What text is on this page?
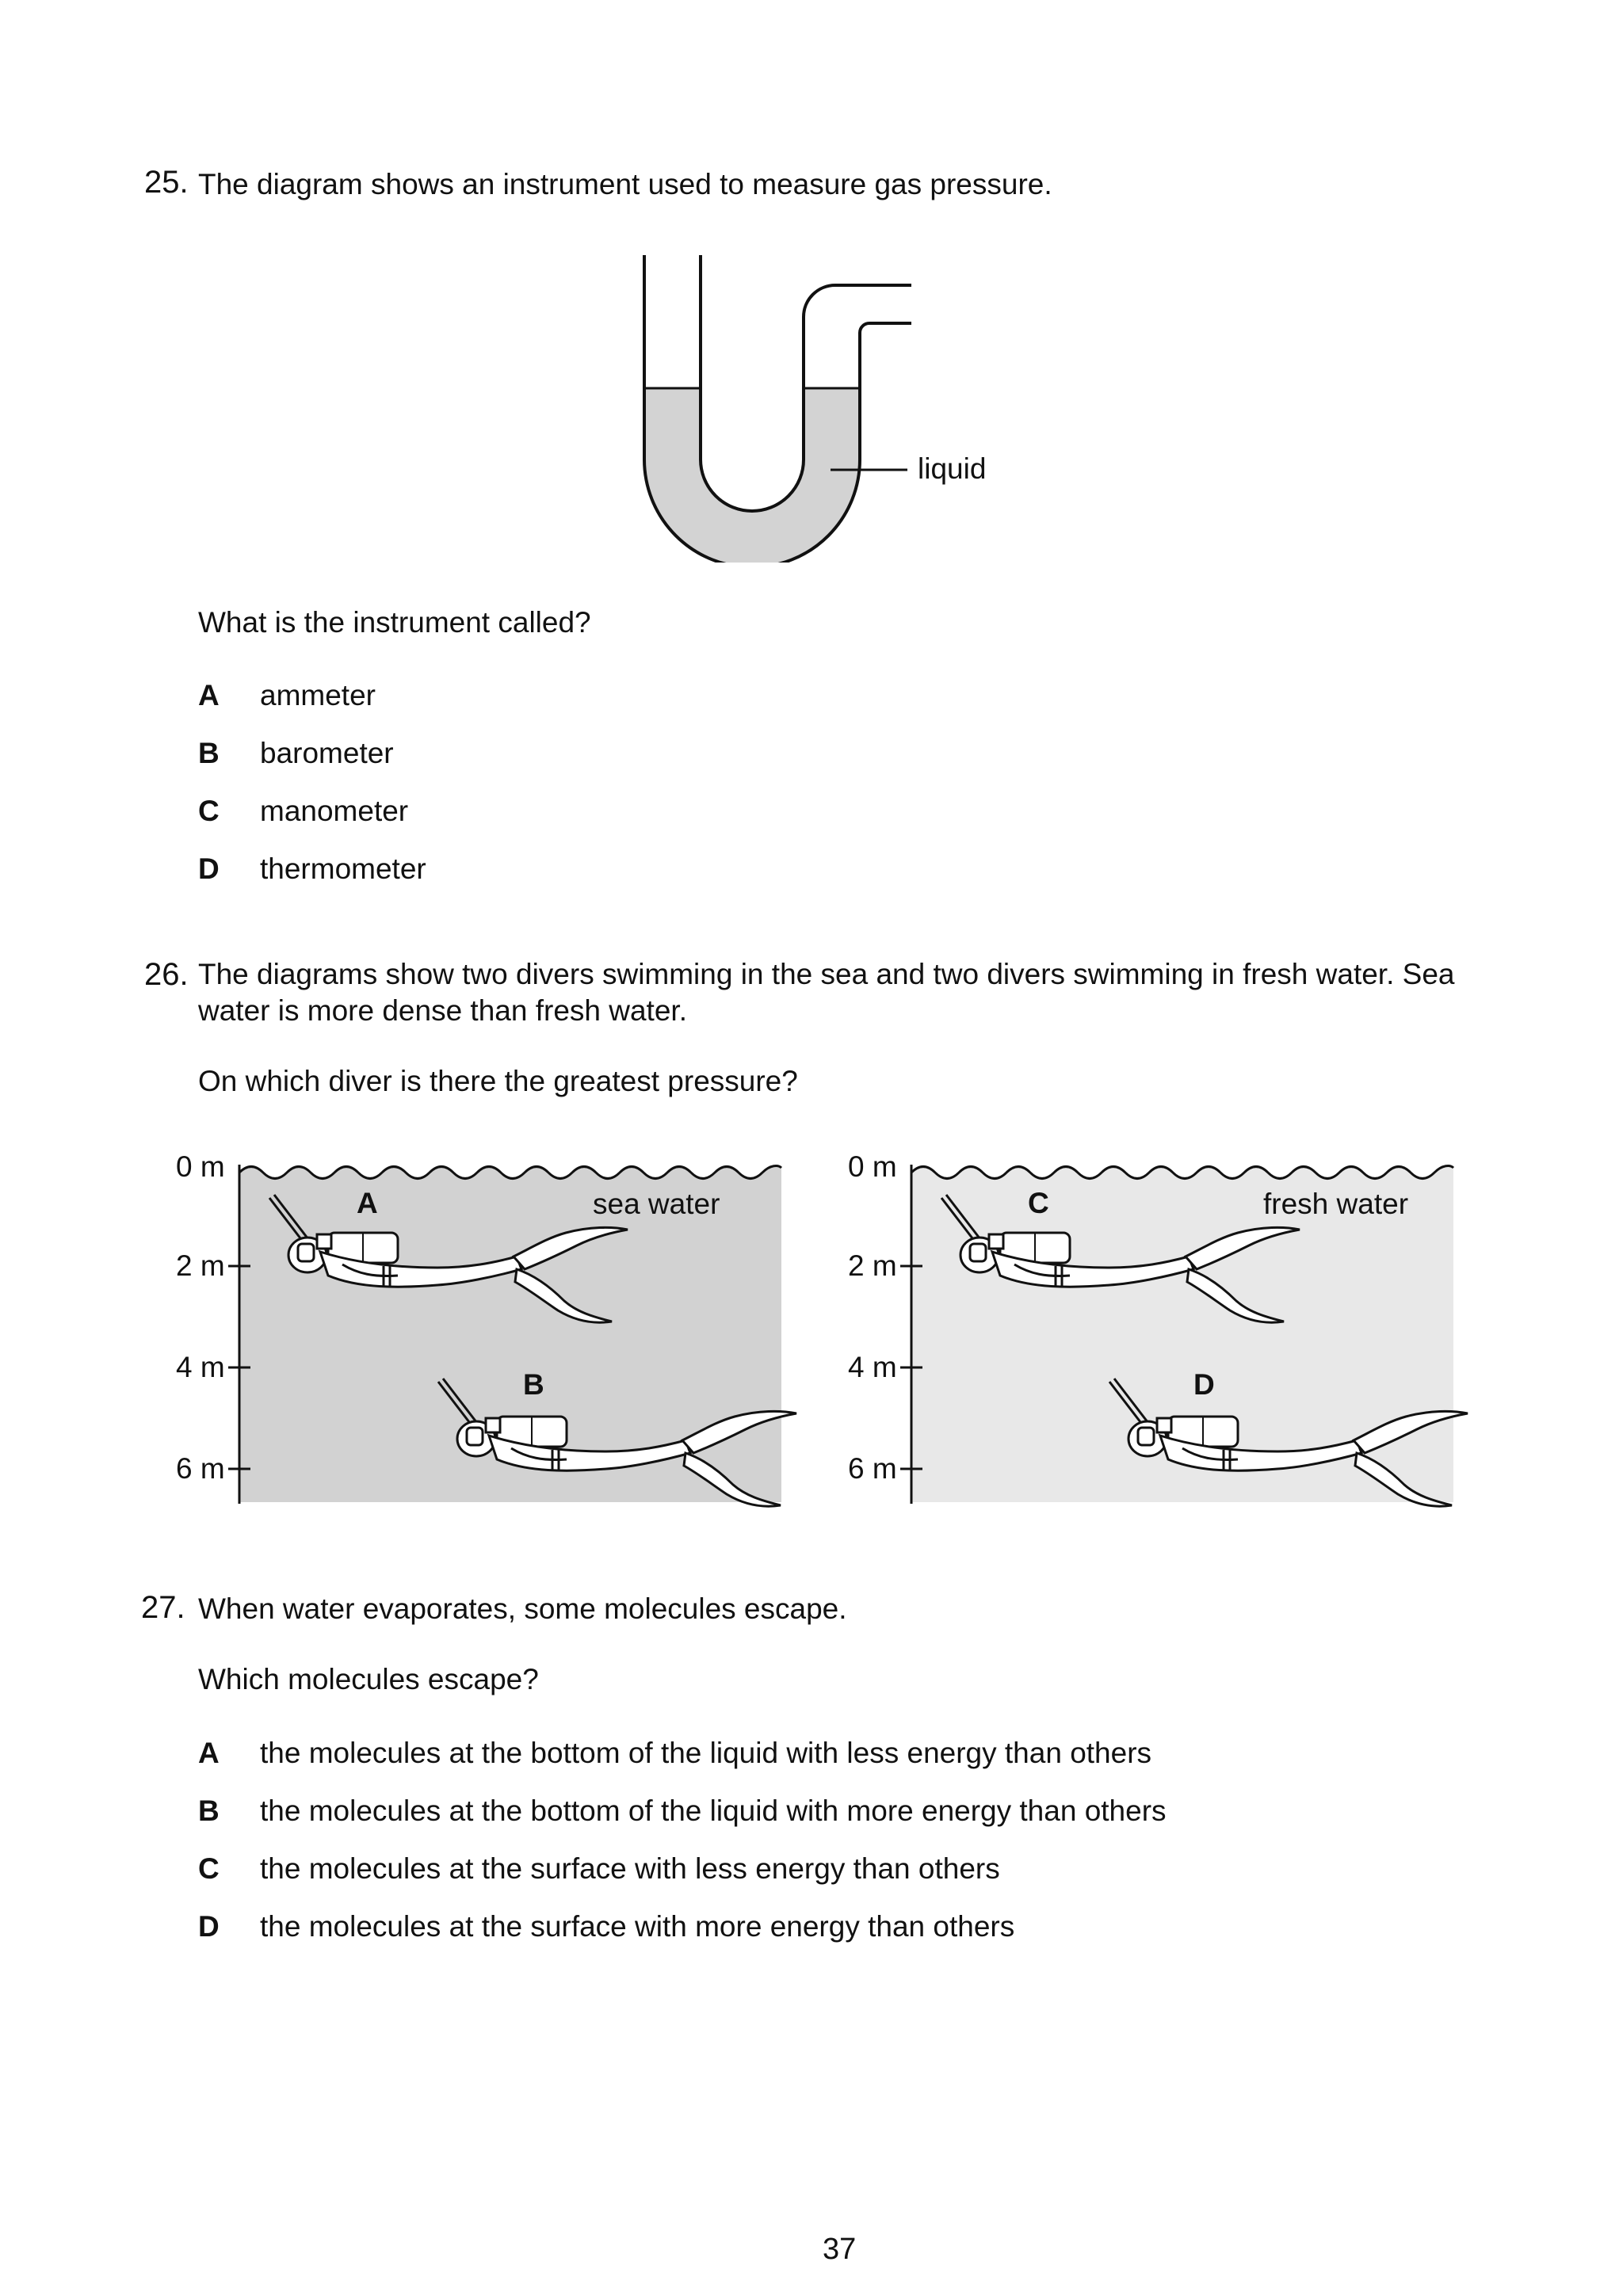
25. The diagram shows an instrument used to measure gas pressure.
liquid
What is the instrument called?
A ammeter
B barometer
C manometer
D thermometer
26. The diagrams show two divers swimming in the sea and two divers swimming in fresh water. Sea
water is more dense than fresh water.
On which diver is there the greatest pressure?
0 m
2 m
4 m
6 m
0 m
2 m
4 m
6 m
sea water	fresh water
A
B
C
D
27. When water evaporates, some molecules escape.
Which molecules escape?
A the molecules at the bottom of the liquid with less energy than others
B the molecules at the bottom of the liquid with more energy than others
C the molecules at the surface with less energy than others
D the molecules at the surface with more energy than others
37
